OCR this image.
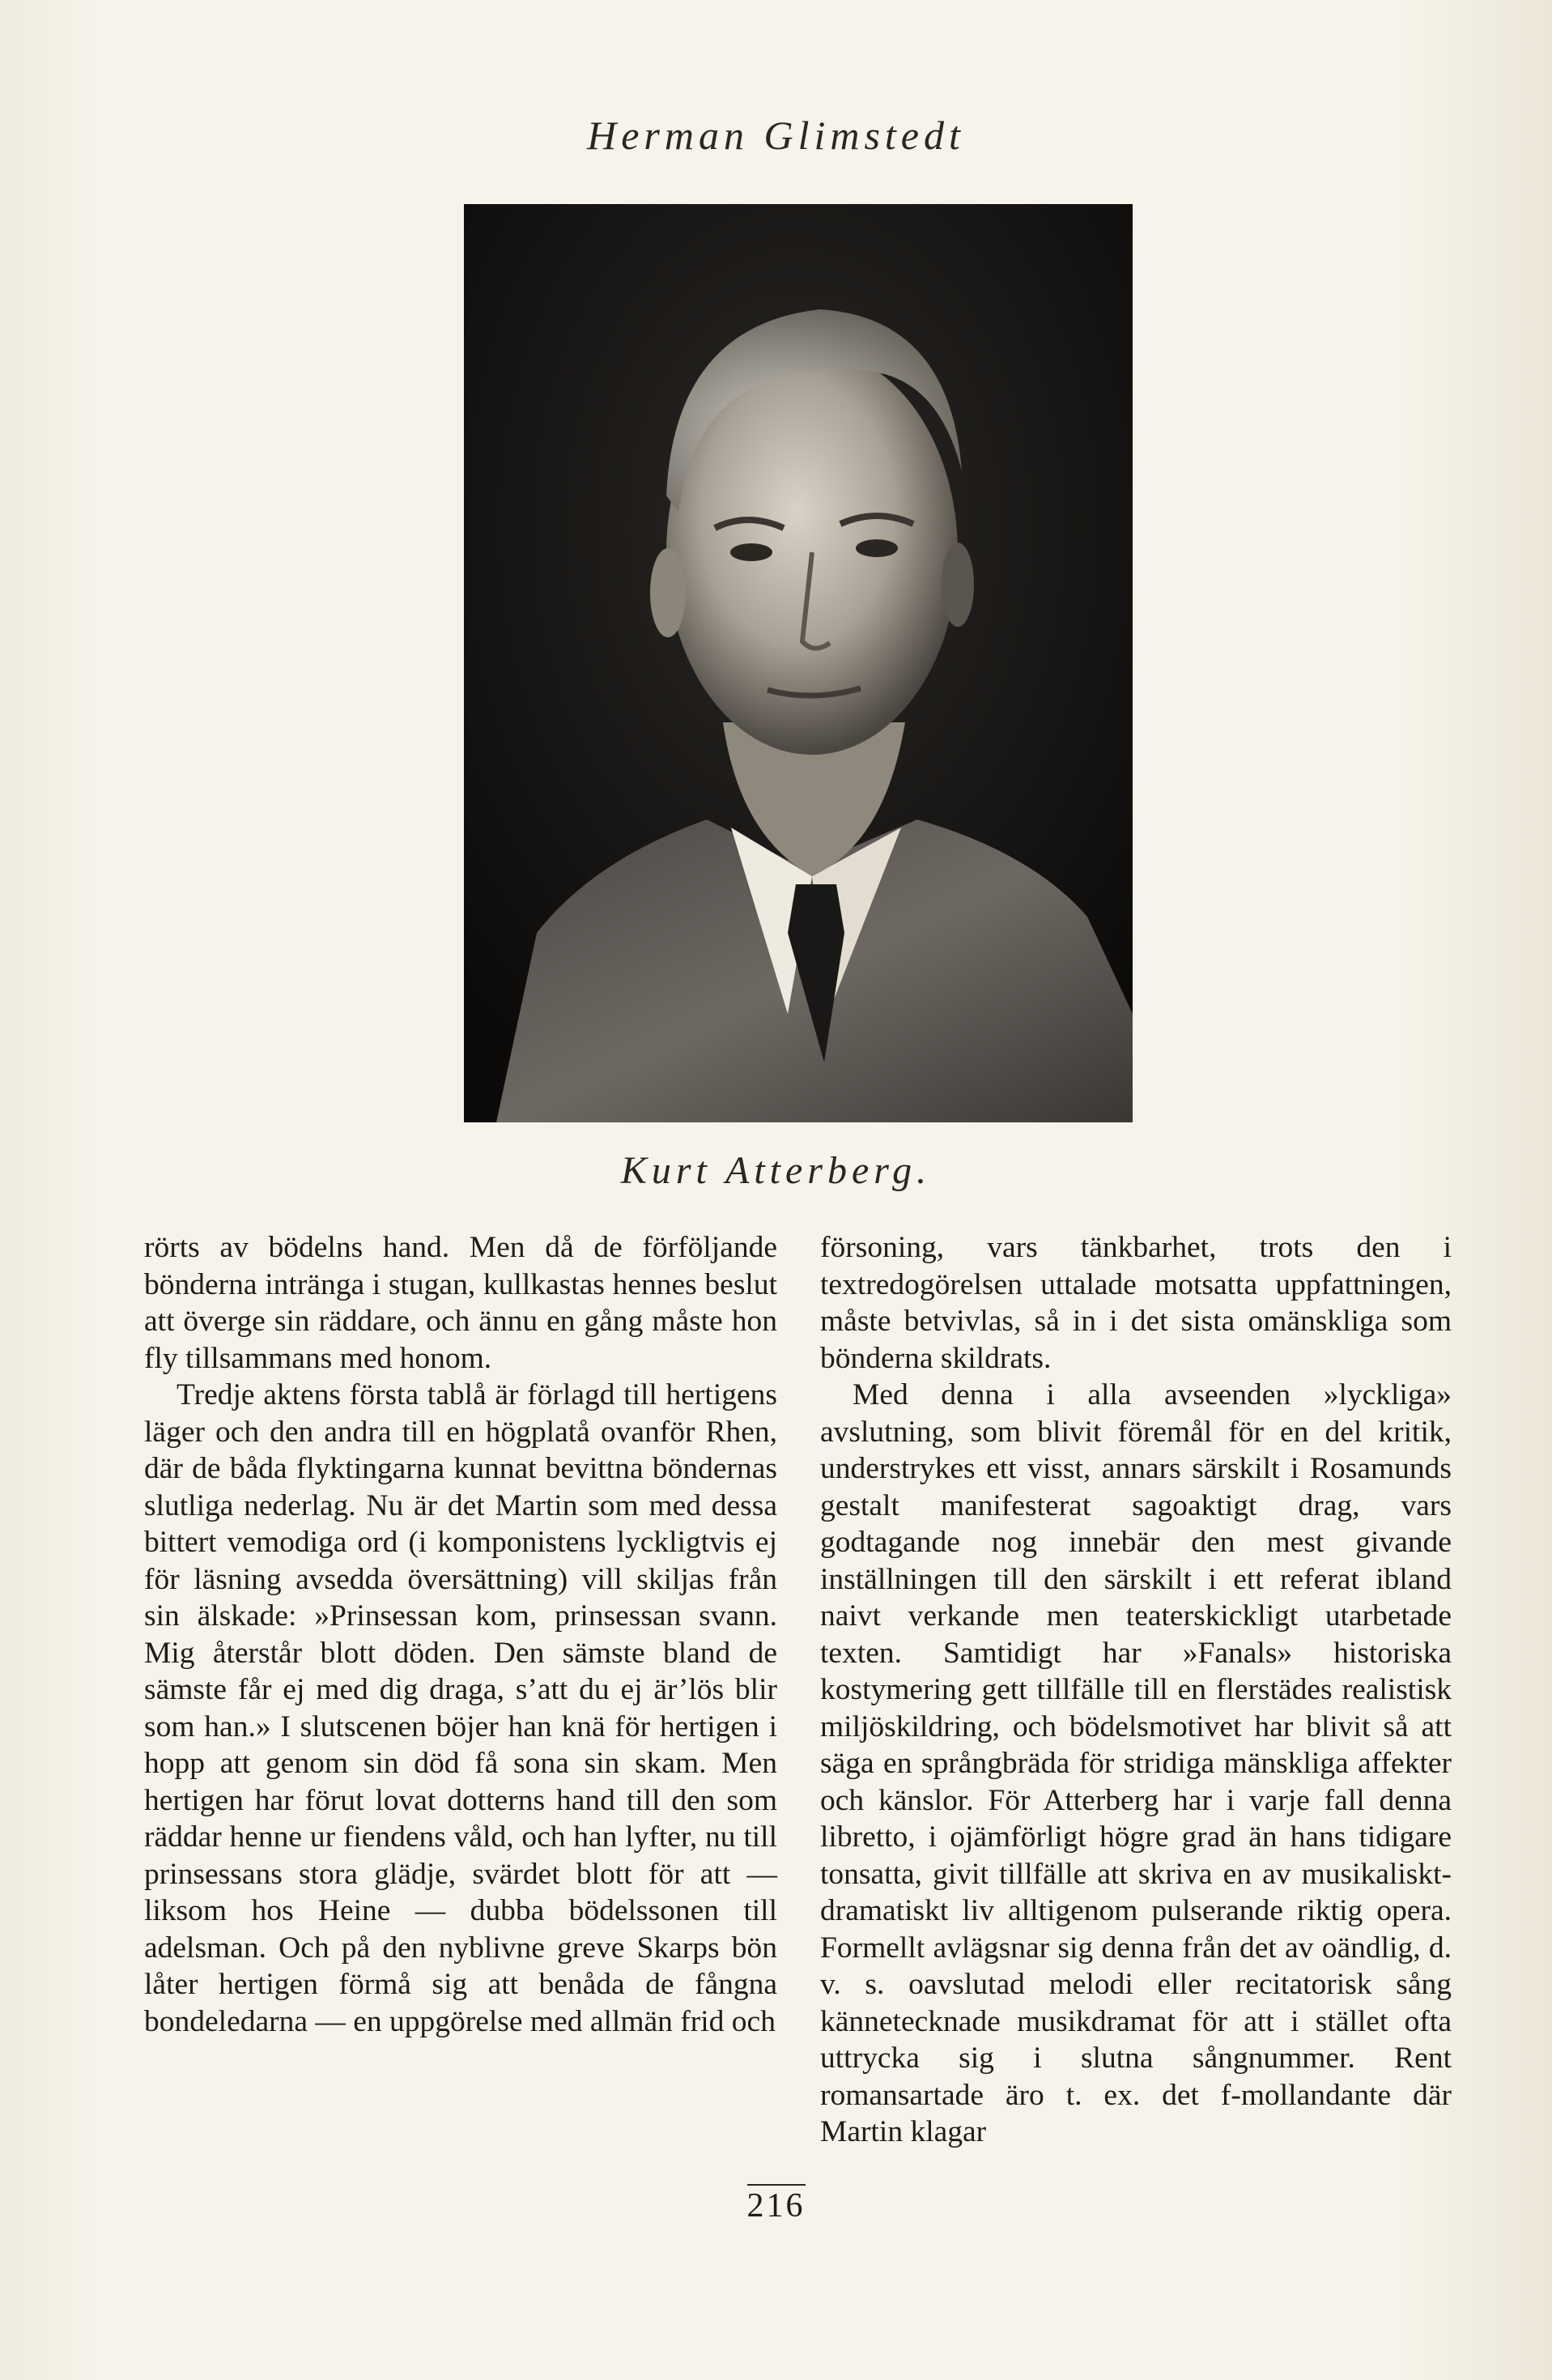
Herman Glimstedt
Kurt Atterberg.

rörts av bödelns hand. Men då de förföljande bönderna intränga i stugan, kullkastas hennes beslut att överge sin räddare, och ännu en gång måste hon fly tillsammans med honom.

Tredje aktens första tablå är förlagd till hertigens läger och den andra till en högplatå ovanför Rhen, där de båda flyktingarna kunnat bevittna böndernas slutliga nederlag. Nu är det Martin som med dessa bittert vemodiga ord (i komponistens lyckligtvis ej för läsning avsedda översättning) vill skiljas från sin älskade: »Prinsessan kom, prinsessan svann. Mig återstår blott döden. Den sämste bland de sämste får ej med dig draga, s’att du ej är’lös blir som han.» I slutscenen böjer han knä för hertigen i hopp att genom sin död få sona sin skam. Men hertigen har förut lovat dotterns hand till den som räddar henne ur fiendens våld, och han lyfter, nu till prinsessans stora glädje, svärdet blott för att — liksom hos Heine — dubba bödelssonen till adelsman. Och på den nyblivne greve Skarps bön låter hertigen förmå sig att benåda de fångna bondeledarna — en uppgörelse med allmän frid och

försoning, vars tänkbarhet, trots den i textredogörelsen uttalade motsatta uppfattningen, måste betvivlas, så in i det sista omänskliga som bönderna skildrats.

Med denna i alla avseenden »lyckliga» avslutning, som blivit föremål för en del kritik, understrykes ett visst, annars särskilt i Rosamunds gestalt manifesterat sagoaktigt drag, vars godtagande nog innebär den mest givande inställningen till den särskilt i ett referat ibland naivt verkande men teaterskickligt utarbetade texten. Samtidigt har »Fanals» historiska kostymering gett tillfälle till en flerstädes realistisk miljöskildring, och bödelsmotivet har blivit så att säga en språngbräda för stridiga mänskliga affekter och känslor. För Atterberg har i varje fall denna libretto, i ojämförligt högre grad än hans tidigare tonsatta, givit tillfälle att skriva en av musikaliskt-dramatiskt liv alltigenom pulserande riktig opera. Formellt avlägsnar sig denna från det av oändlig, d. v. s. oavslutad melodi eller recitatorisk sång kännetecknade musikdramat för att i stället ofta uttrycka sig i slutna sångnummer. Rent romansartade äro t. ex. det f-mollandante där Martin klagar

216
